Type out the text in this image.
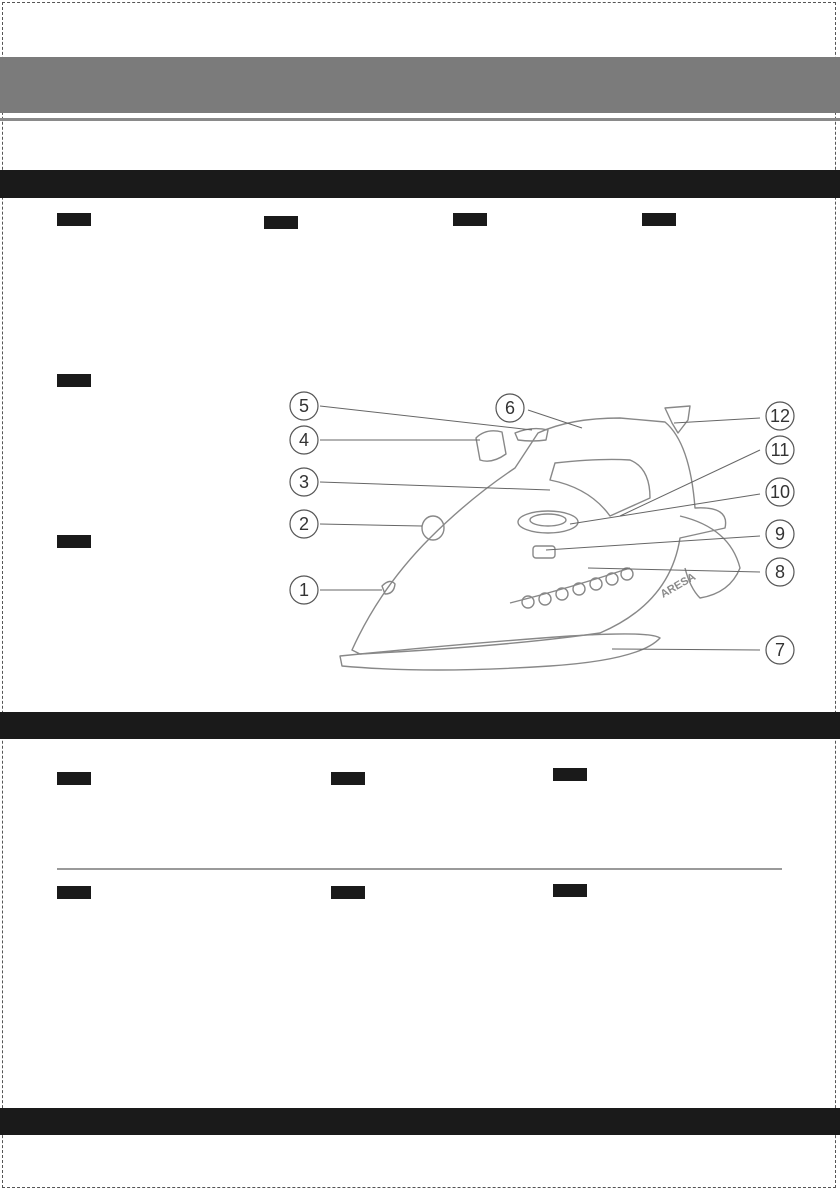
ARESA
1
2
3
4
5	6
7
8
9
10
11
12
